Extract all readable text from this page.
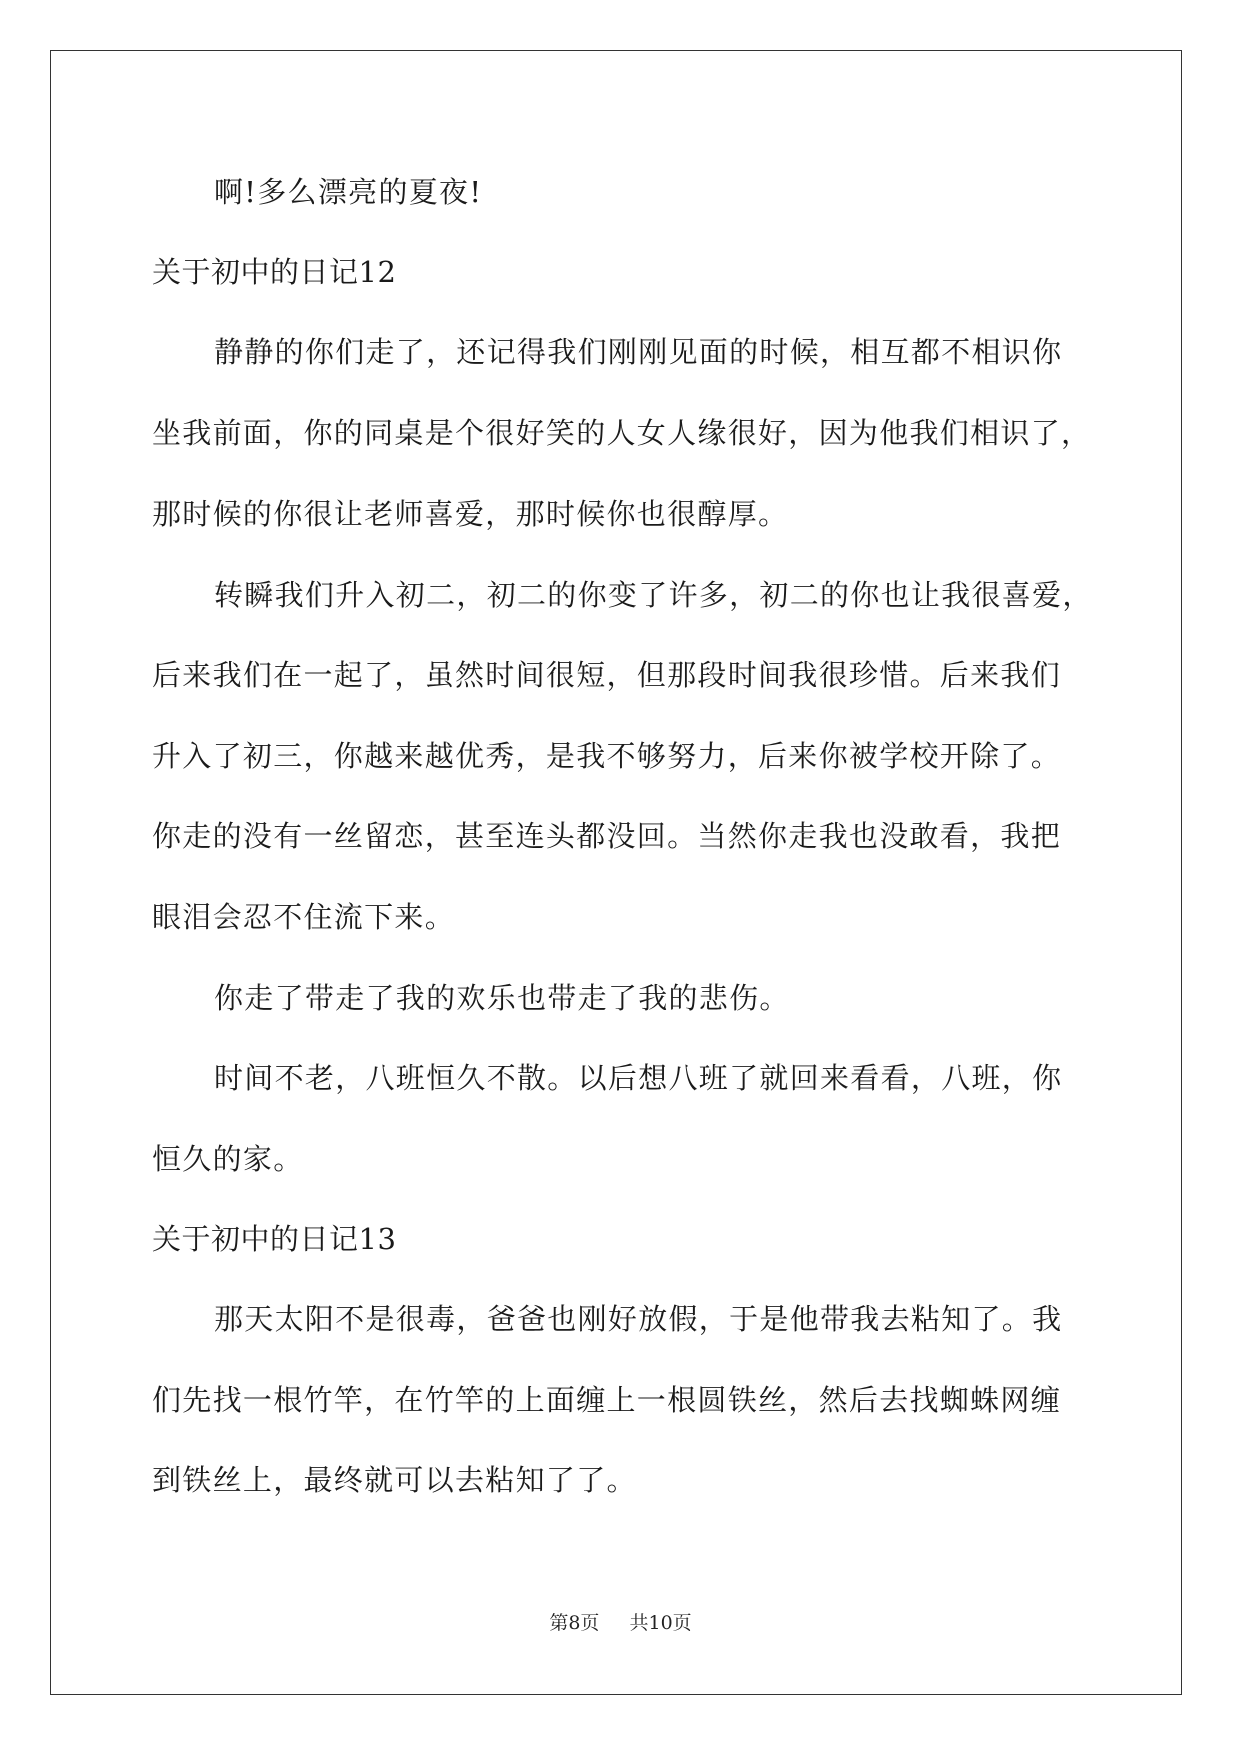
啊!多么漂亮的夏夜!
关于初中的日记12
静静的你们走了，还记得我们刚刚见面的时候，相互都不相识你
坐我前面，你的同桌是个很好笑的人女人缘很好，因为他我们相识了，
那时候的你很让老师喜爱，那时候你也很醇厚。
转瞬我们升入初二，初二的你变了许多，初二的你也让我很喜爱，
后来我们在一起了，虽然时间很短，但那段时间我很珍惜。后来我们
升入了初三，你越来越优秀，是我不够努力，后来你被学校开除了。
你走的没有一丝留恋，甚至连头都没回。当然你走我也没敢看，我把
眼泪会忍不住流下来。
你走了带走了我的欢乐也带走了我的悲伤。
时间不老，八班恒久不散。以后想八班了就回来看看，八班，你
恒久的家。
关于初中的日记13
那天太阳不是很毒，爸爸也刚好放假，于是他带我去粘知了。我
们先找一根竹竿，在竹竿的上面缠上一根圆铁丝，然后去找蜘蛛网缠
到铁丝上，最终就可以去粘知了了。
第8页 共10页
